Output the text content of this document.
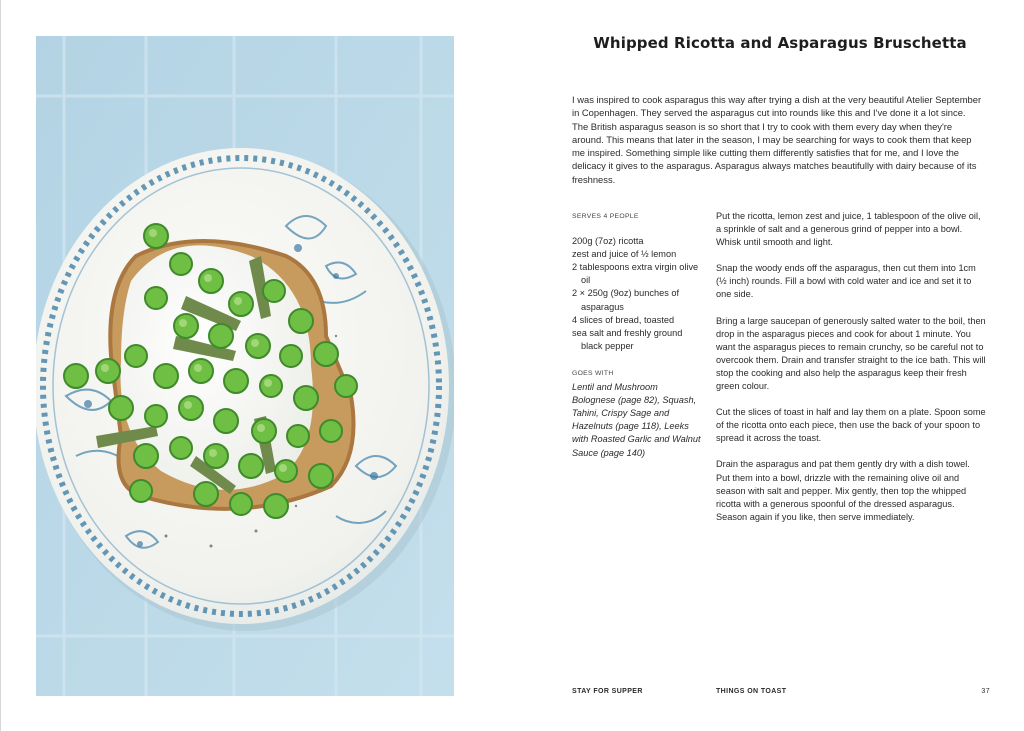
Whipped Ricotta and Asparagus Bruschetta

I was inspired to cook asparagus this way after trying a dish at the very beautiful Atelier September in Copenhagen. They served the asparagus cut into rounds like this and I've done it a lot since. The British asparagus season is so short that I try to cook with them every day when they're around. This means that later in the season, I may be searching for ways to cook them that keep me inspired. Something simple like cutting them differently satisfies that for me, and I love the delicacy it gives to the asparagus. Asparagus always matches beautifully with dairy because of its freshness.

SERVES 4 PEOPLE
200g (7oz) ricotta
zest and juice of ½ lemon
2 tablespoons extra virgin olive oil
2 × 250g (9oz) bunches of asparagus
4 slices of bread, toasted
sea salt and freshly ground black pepper
GOES WITH

Lentil and Mushroom Bolognese (page 82), Squash, Tahini, Crispy Sage and Hazelnuts (page 118), Leeks with Roasted Garlic and Walnut Sauce (page 140)

Put the ricotta, lemon zest and juice, 1 tablespoon of the olive oil, a sprinkle of salt and a generous grind of pepper into a bowl. Whisk until smooth and light.

Snap the woody ends off the asparagus, then cut them into 1cm (½ inch) rounds. Fill a bowl with cold water and ice and set it to one side.

Bring a large saucepan of generously salted water to the boil, then drop in the asparagus pieces and cook for about 1 minute. You want the asparagus pieces to remain crunchy, so be careful not to overcook them. Drain and transfer straight to the ice bath. This will stop the cooking and also help the asparagus keep their fresh green colour.

Cut the slices of toast in half and lay them on a plate. Spoon some of the ricotta onto each piece, then use the back of your spoon to spread it across the toast.

Drain the asparagus and pat them gently dry with a dish towel. Put them into a bowl, drizzle with the remaining olive oil and season with salt and pepper. Mix gently, then top the whipped ricotta with a generous spoonful of the dressed asparagus. Season again if you like, then serve immediately.

STAY FOR SUPPER	THINGS ON TOAST	37
